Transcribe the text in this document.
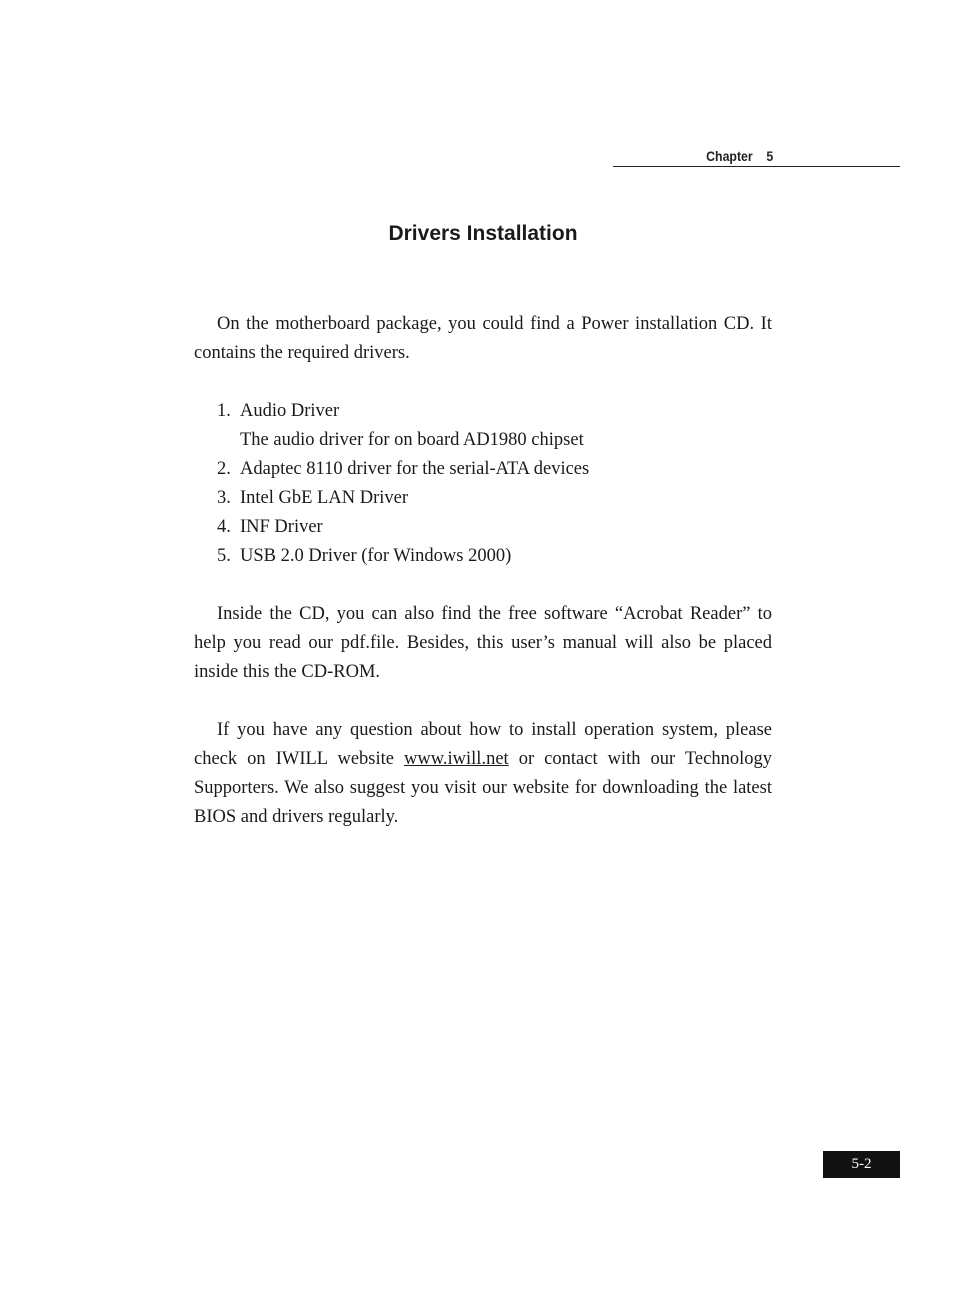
Chapter    5
Drivers Installation

On the motherboard package, you could find a Power installation CD. It contains the required drivers.

1. Audio Driver
The audio driver for on board AD1980 chipset
2. Adaptec 8110 driver for the serial-ATA devices
3. Intel GbE LAN Driver
4. INF Driver
5. USB 2.0 Driver (for Windows 2000)

Inside the CD, you can also find the free software “Acrobat Reader” to help you read our pdf.file. Besides, this user’s manual will also be placed inside this the CD-ROM.

If you have any question about how to install operation system, please check on IWILL website www.iwill.net or contact with our Technology Supporters. We also suggest you visit our website for downloading the latest BIOS and drivers regularly.

5-2
